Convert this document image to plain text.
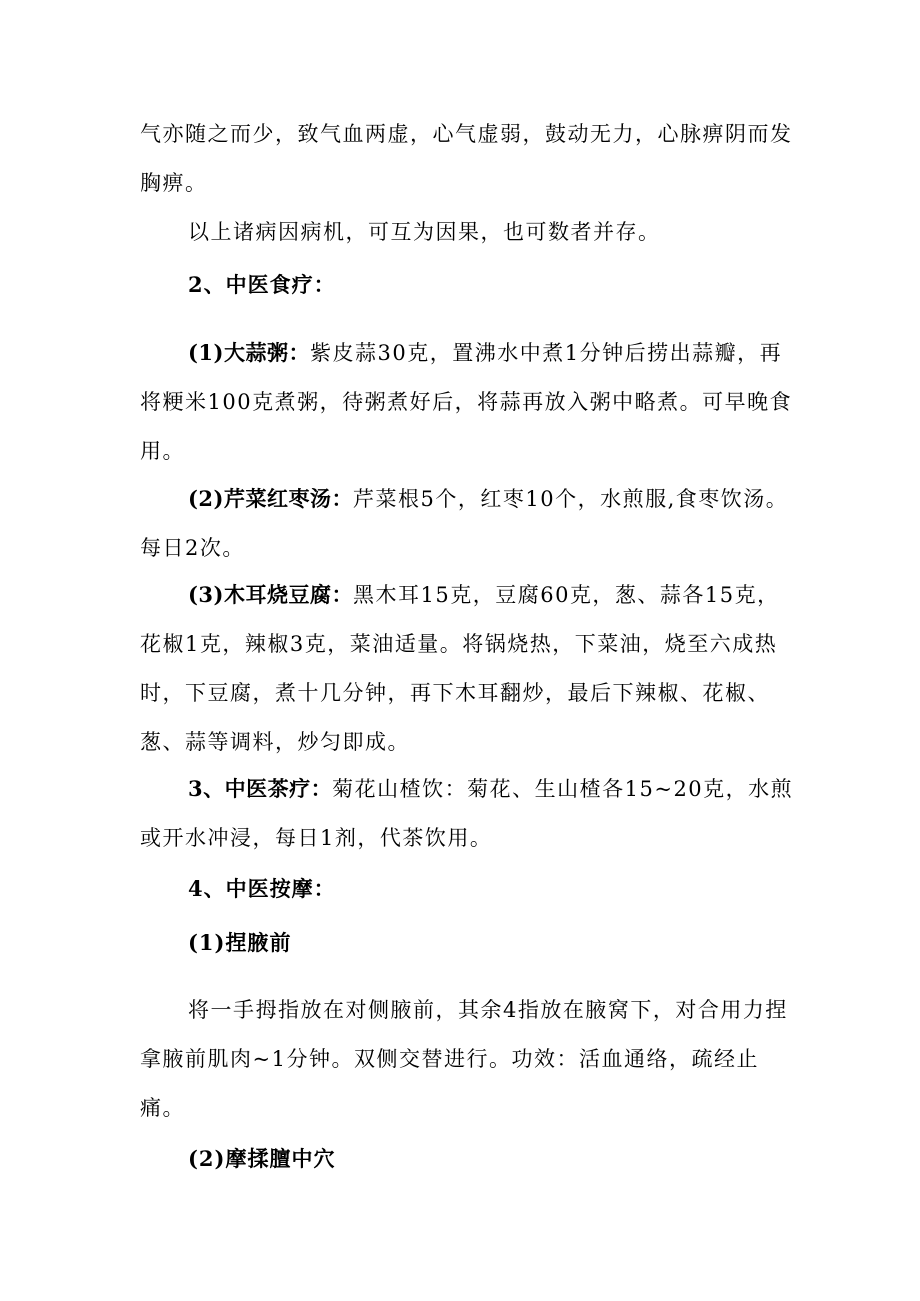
气亦随之而少，致气血两虚，心气虚弱，鼓动无力，心脉痹阴而发胸痹。

以上诸病因病机，可互为因果，也可数者并存。

2、中医食疗：

(1)大蒜粥：紫皮蒜30克，置沸水中煮1分钟后捞出蒜瓣，再将粳米100克煮粥，待粥煮好后，将蒜再放入粥中略煮。可早晚食用。

(2)芹菜红枣汤：芹菜根5个，红枣10个，水煎服,食枣饮汤。每日2次。

(3)木耳烧豆腐：黑木耳15克，豆腐60克，葱、蒜各15克，花椒1克，辣椒3克，菜油适量。将锅烧热，下菜油，烧至六成热时，下豆腐，煮十几分钟，再下木耳翻炒，最后下辣椒、花椒、葱、蒜等调料，炒匀即成。

3、中医茶疗：菊花山楂饮：菊花、生山楂各15~20克，水煎或开水冲浸，每日1剂，代茶饮用。

4、中医按摩：

(1)捏腋前

将一手拇指放在对侧腋前，其余4指放在腋窝下，对合用力捏拿腋前肌肉~1分钟。双侧交替进行。功效：活血通络，疏经止痛。

(2)摩揉膻中穴
